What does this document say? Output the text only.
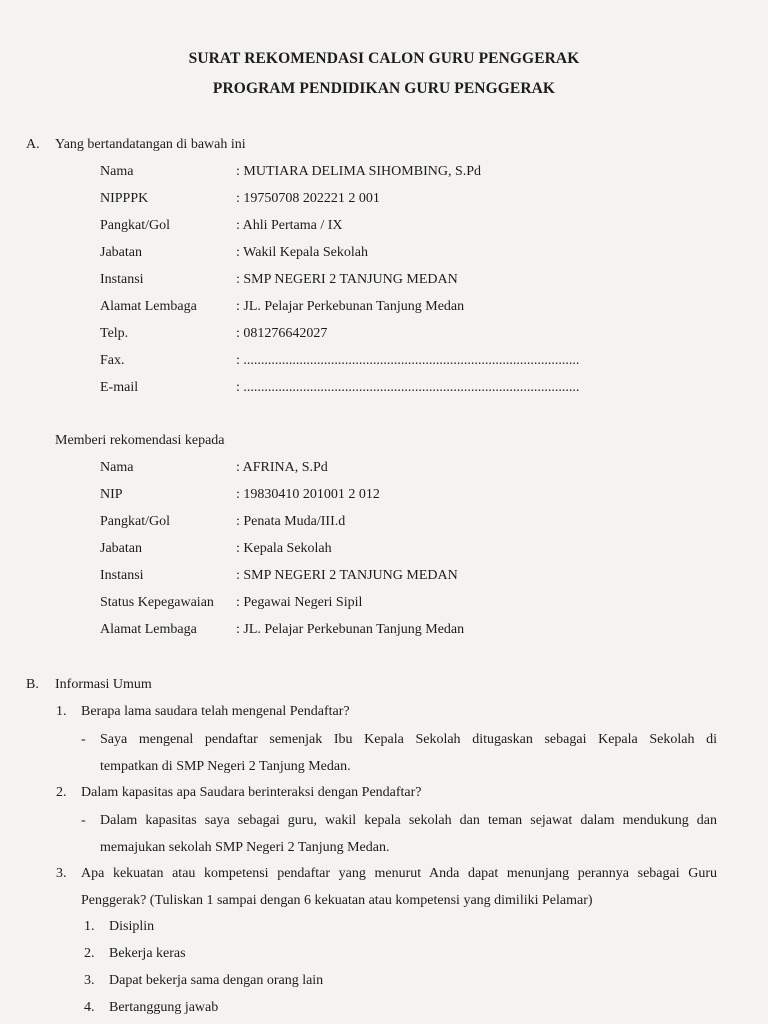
SURAT REKOMENDASI CALON GURU PENGGERAK
PROGRAM PENDIDIKAN GURU PENGGERAK
A. Yang bertandatangan di bawah ini
Nama	: MUTIARA DELIMA SIHOMBING, S.Pd
NIPPPK	: 19750708 202221 2 001
Pangkat/Gol	: Ahli Pertama / IX
Jabatan	: Wakil Kepala Sekolah
Instansi	: SMP NEGERI 2 TANJUNG MEDAN
Alamat Lembaga	: JL. Pelajar Perkebunan Tanjung Medan
Telp.	: 081276642027
Fax.	: ................................................................................................
E-mail	: ................................................................................................
Memberi rekomendasi kepada
Nama	: AFRINA, S.Pd
NIP	: 19830410 201001 2 012
Pangkat/Gol	: Penata Muda/III.d
Jabatan	: Kepala Sekolah
Instansi	: SMP NEGERI 2 TANJUNG MEDAN
Status Kepegawaian : Pegawai Negeri Sipil
Alamat Lembaga	: JL. Pelajar Perkebunan Tanjung Medan
B. Informasi Umum
1. Berapa lama saudara telah mengenal Pendaftar?
- Saya mengenal pendaftar semenjak Ibu Kepala Sekolah ditugaskan sebagai Kepala Sekolah di
tempatkan di SMP Negeri 2 Tanjung Medan.
2. Dalam kapasitas apa Saudara berinteraksi dengan Pendaftar?
- Dalam kapasitas saya sebagai guru, wakil kepala sekolah dan teman sejawat dalam mendukung dan
memajukan sekolah SMP Negeri 2 Tanjung Medan.
3. Apa kekuatan atau kompetensi pendaftar yang menurut Anda dapat menunjang perannya sebagai Guru
Penggerak? (Tuliskan 1 sampai dengan 6 kekuatan atau kompetensi yang dimiliki Pelamar)
1. Disiplin
2. Bekerja keras
3. Dapat bekerja sama dengan orang lain
4. Bertanggung jawab
